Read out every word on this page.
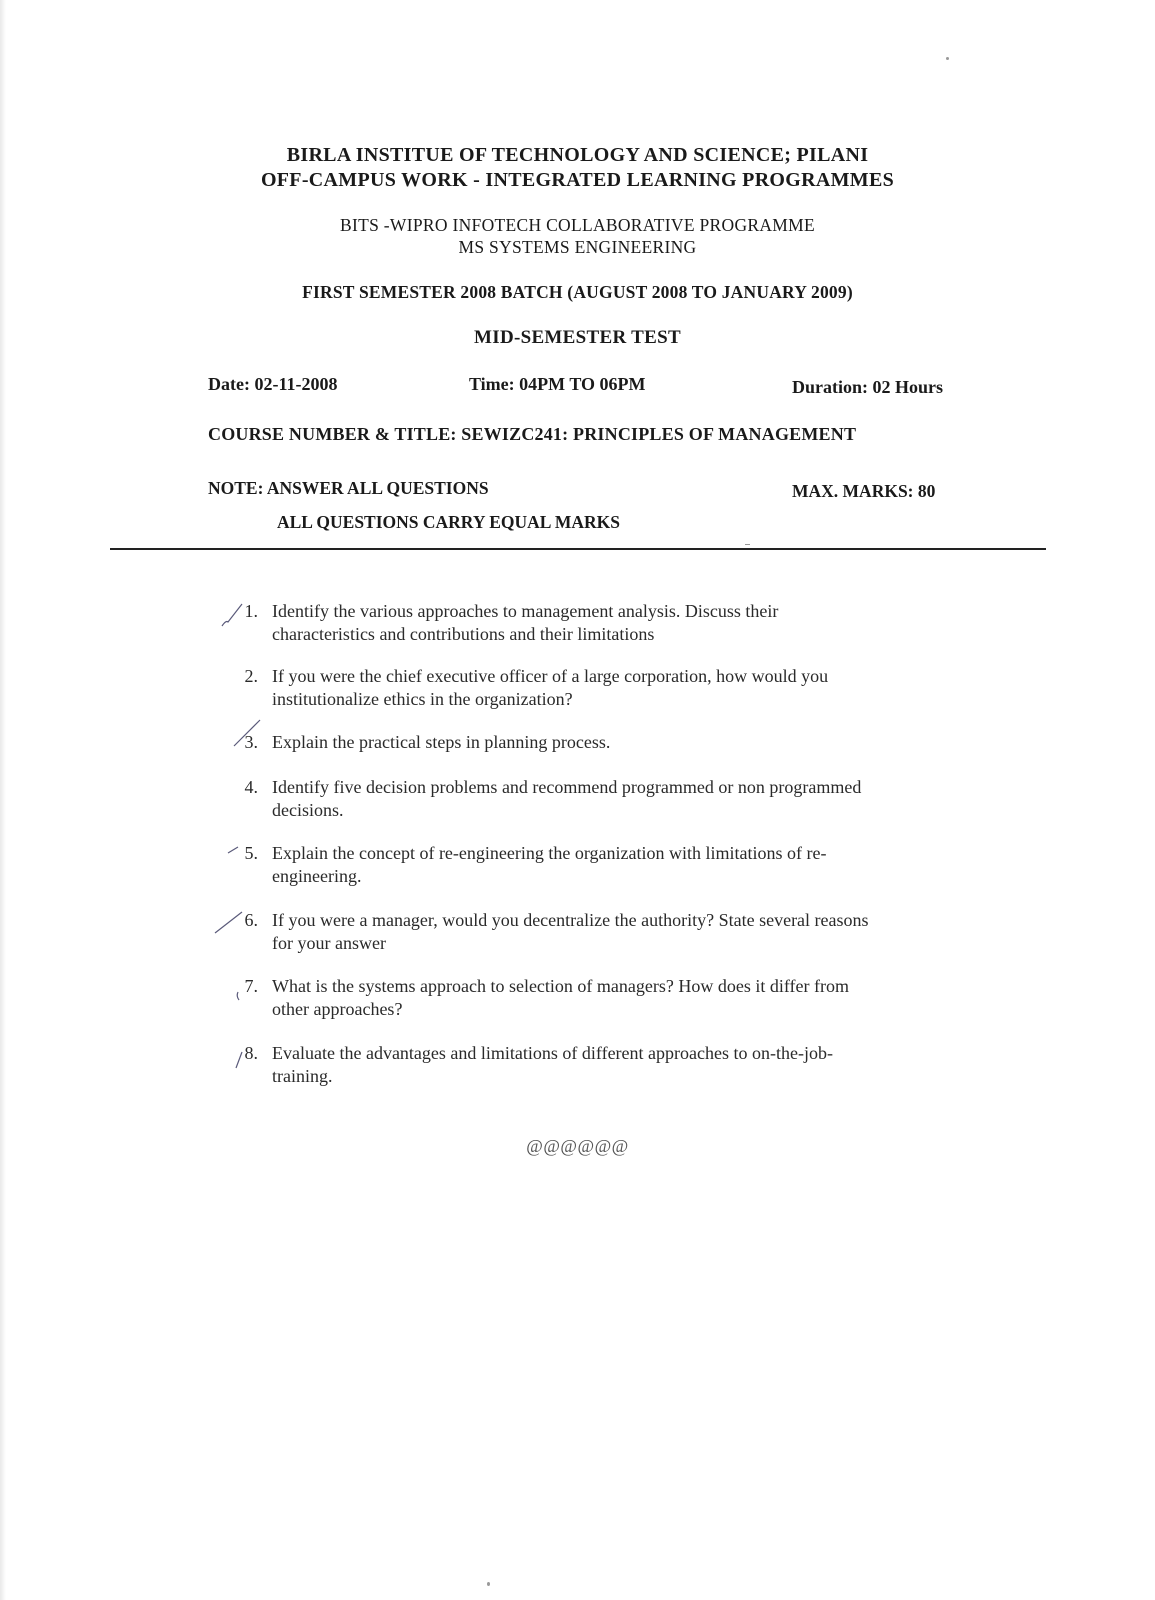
BIRLA INSTITUE OF TECHNOLOGY AND SCIENCE; PILANI
OFF-CAMPUS WORK - INTEGRATED LEARNING PROGRAMMES
BITS -WIPRO INFOTECH COLLABORATIVE PROGRAMME
MS SYSTEMS ENGINEERING
FIRST SEMESTER 2008 BATCH (AUGUST 2008 TO JANUARY 2009)
MID-SEMESTER TEST
Date: 02-11-2008	Time: 04PM TO 06PM	Duration: 02 Hours
COURSE NUMBER & TITLE: SEWIZC241: PRINCIPLES OF MANAGEMENT
NOTE: ANSWER ALL QUESTIONS	MAX. MARKS: 80
ALL QUESTIONS CARRY EQUAL MARKS
1. Identify the various approaches to management analysis. Discuss their
characteristics and contributions and their limitations
2. If you were the chief executive officer of a large corporation, how would you
institutionalize ethics in the organization?
3. Explain the practical steps in planning process.
4. Identify five decision problems and recommend programmed or non programmed
decisions.
5. Explain the concept of re-engineering the organization with limitations of re-
engineering.
6. If you were a manager, would you decentralize the authority? State several reasons
for your answer
7. What is the systems approach to selection of managers? How does it differ from
other approaches?
8. Evaluate the advantages and limitations of different approaches to on-the-job-
training.
@@@@@@
